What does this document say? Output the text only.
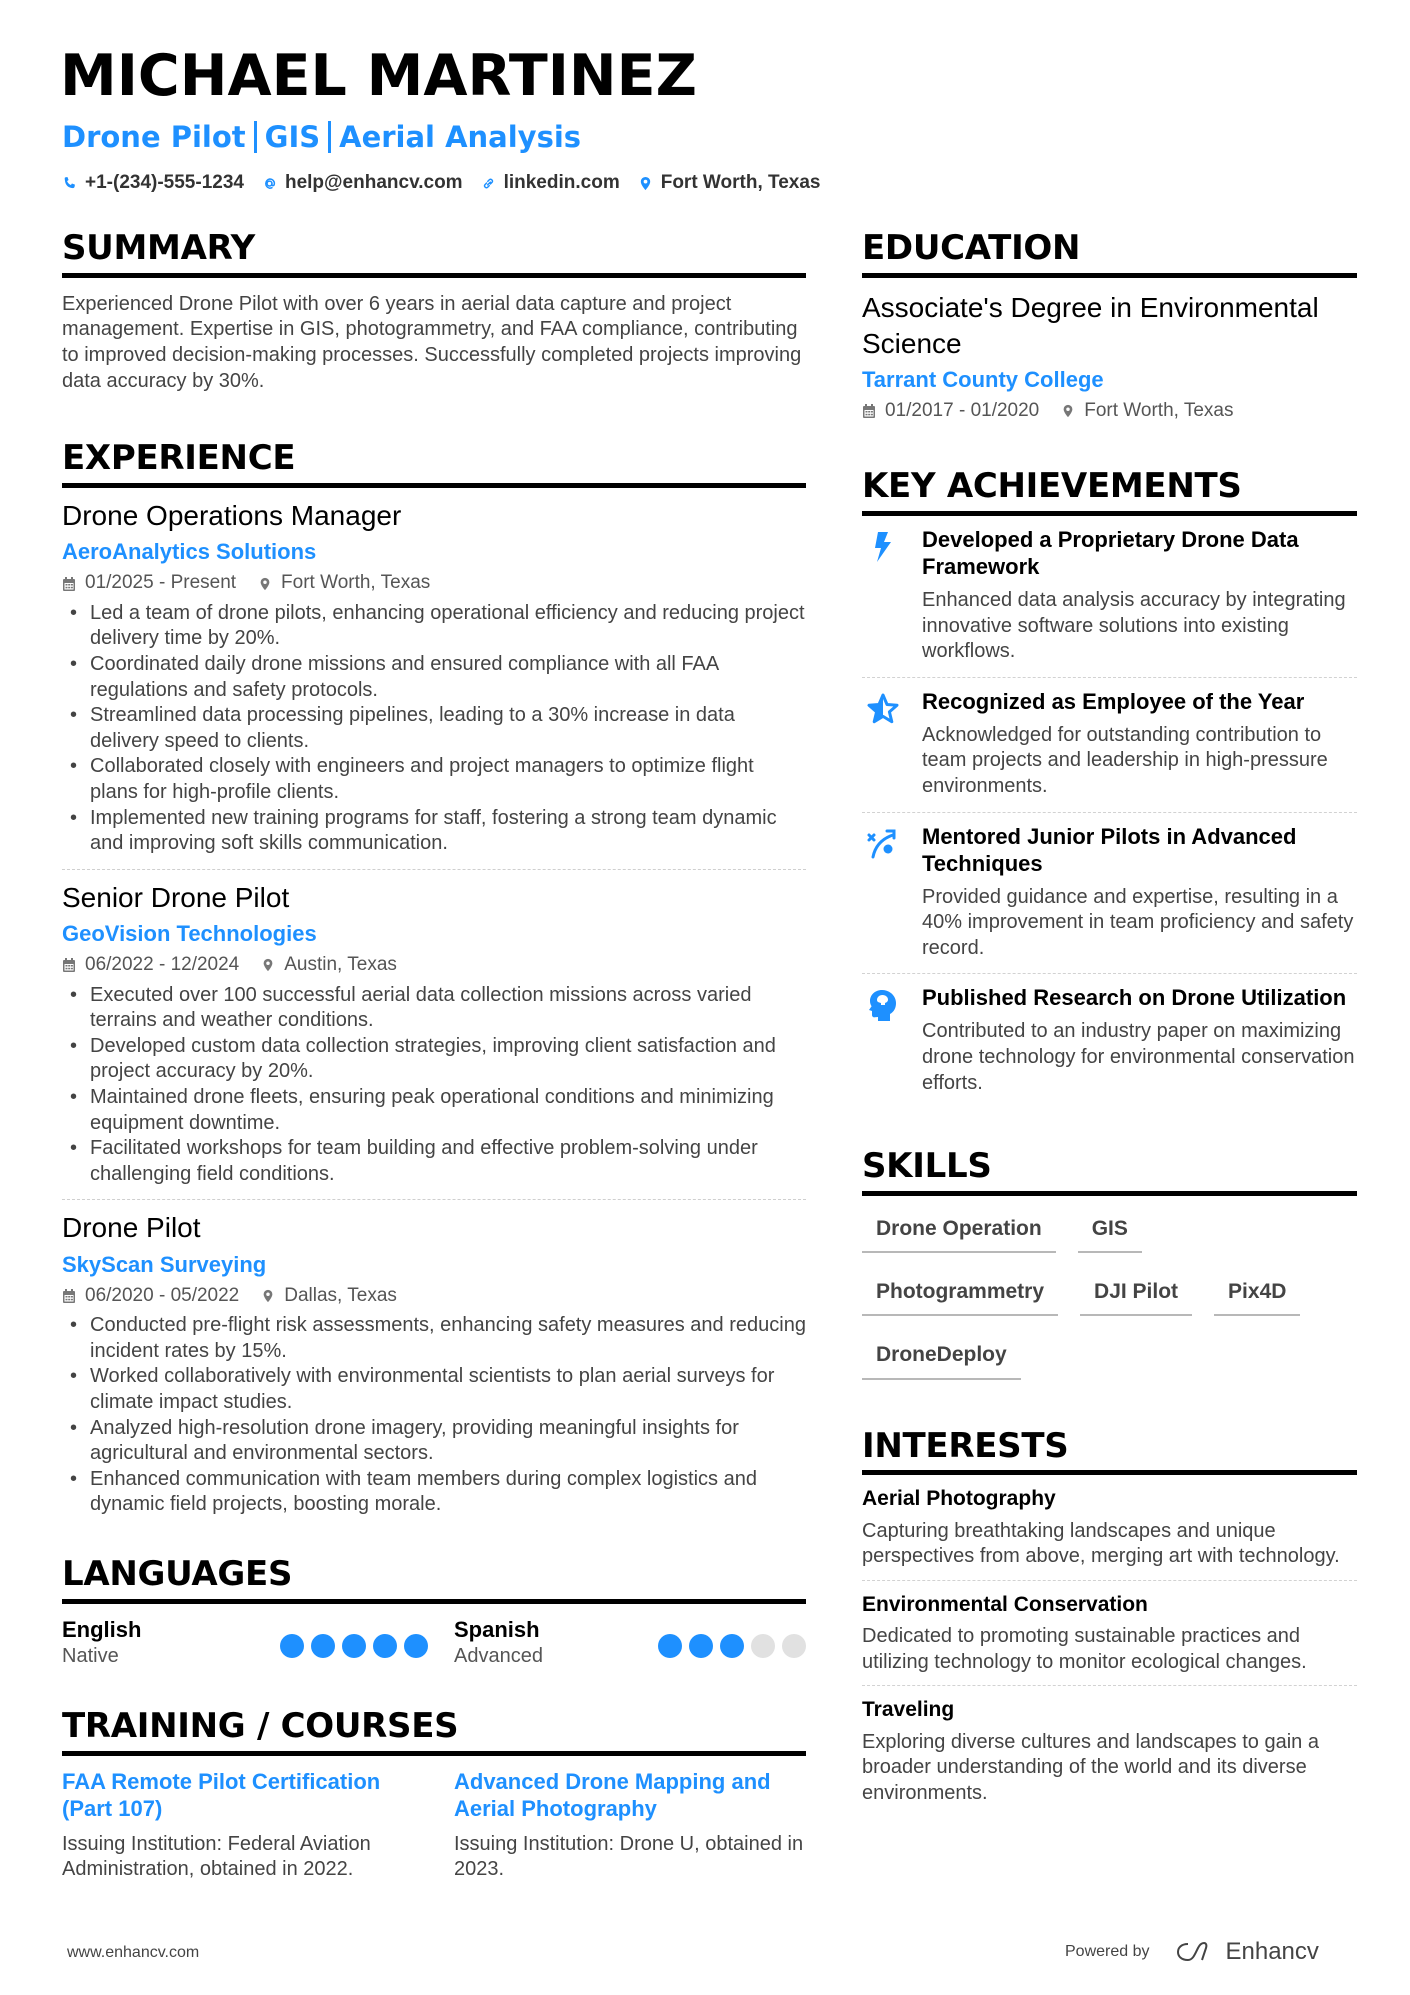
MICHAEL MARTINEZ
Drone Pilot GIS Aerial Analysis
+1-(234)-555-1234 help@enhancv.com linkedin.com Fort Worth, Texas
SUMMARY

Experienced Drone Pilot with over 6 years in aerial data capture and project management. Expertise in GIS, photogrammetry, and FAA compliance, contributing to improved decision-making processes. Successfully completed projects improving data accuracy by 30%.

EXPERIENCE
Drone Operations Manager
AeroAnalytics Solutions
01/2025 - Present Fort Worth, Texas
• Led a team of drone pilots, enhancing operational efficiency and reducing project delivery time by 20%.
• Coordinated daily drone missions and ensured compliance with all FAA regulations and safety protocols.
• Streamlined data processing pipelines, leading to a 30% increase in data delivery speed to clients.
• Collaborated closely with engineers and project managers to optimize flight plans for high-profile clients.
• Implemented new training programs for staff, fostering a strong team dynamic and improving soft skills communication.
Senior Drone Pilot
GeoVision Technologies
06/2022 - 12/2024 Austin, Texas
• Executed over 100 successful aerial data collection missions across varied terrains and weather conditions.
• Developed custom data collection strategies, improving client satisfaction and project accuracy by 20%.
• Maintained drone fleets, ensuring peak operational conditions and minimizing equipment downtime.
• Facilitated workshops for team building and effective problem-solving under challenging field conditions.
Drone Pilot
SkyScan Surveying
06/2020 - 05/2022 Dallas, Texas
• Conducted pre-flight risk assessments, enhancing safety measures and reducing incident rates by 15%.
• Worked collaboratively with environmental scientists to plan aerial surveys for climate impact studies.
• Analyzed high-resolution drone imagery, providing meaningful insights for agricultural and environmental sectors.
• Enhanced communication with team members during complex logistics and dynamic field projects, boosting morale.
LANGUAGES
English
Native
Spanish
Advanced
TRAINING / COURSES
FAA Remote Pilot Certification (Part 107)
Issuing Institution: Federal Aviation Administration, obtained in 2022.
Advanced Drone Mapping and Aerial Photography
Issuing Institution: Drone U, obtained in 2023.
EDUCATION
Associate's Degree in Environmental Science
Tarrant County College
01/2017 - 01/2020 Fort Worth, Texas
KEY ACHIEVEMENTS
Developed a Proprietary Drone Data Framework
Enhanced data analysis accuracy by integrating innovative software solutions into existing workflows.
Recognized as Employee of the Year
Acknowledged for outstanding contribution to team projects and leadership in high-pressure environments.
Mentored Junior Pilots in Advanced Techniques
Provided guidance and expertise, resulting in a 40% improvement in team proficiency and safety record.
Published Research on Drone Utilization
Contributed to an industry paper on maximizing drone technology for environmental conservation efforts.
SKILLS
Drone Operation	GIS
Photogrammetry	DJI Pilot	Pix4D
DroneDeploy
INTERESTS
Aerial Photography
Capturing breathtaking landscapes and unique perspectives from above, merging art with technology.
Environmental Conservation
Dedicated to promoting sustainable practices and utilizing technology to monitor ecological changes.
Traveling
Exploring diverse cultures and landscapes to gain a broader understanding of the world and its diverse environments.
www.enhancv.com	Powered by	Enhancv
